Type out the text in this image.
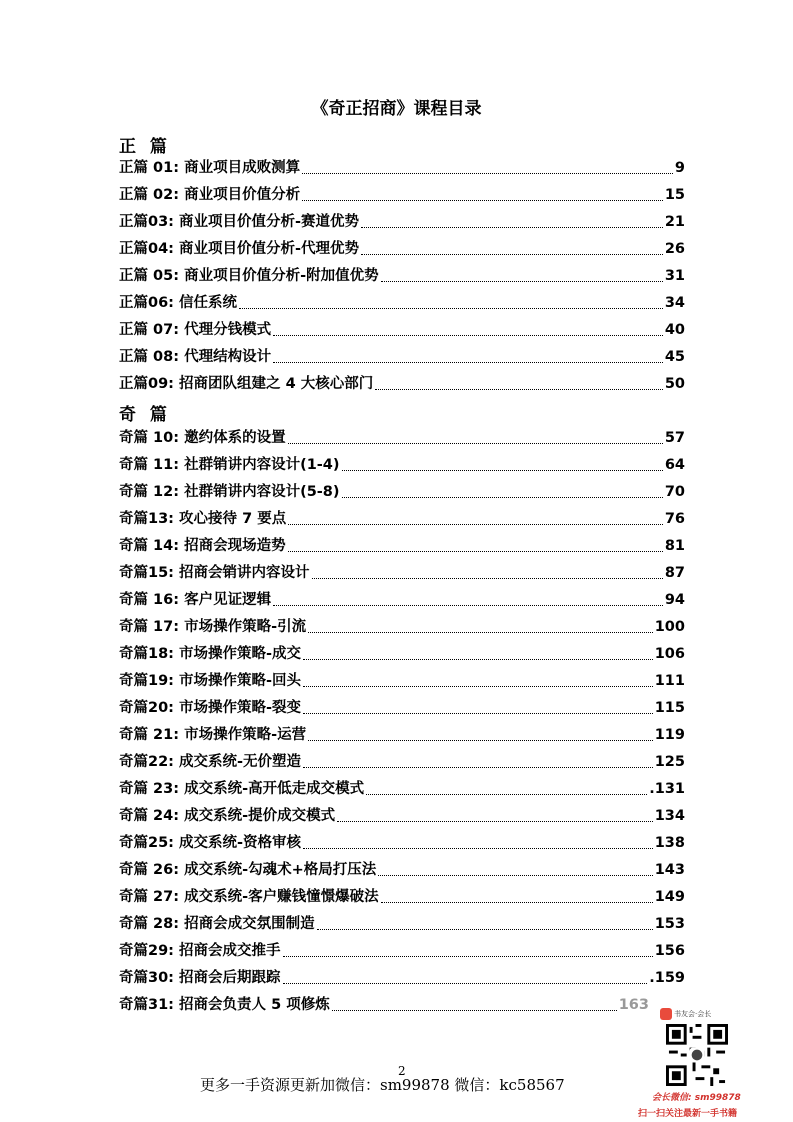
《奇正招商》课程目录
正 篇
正篇 01: 商业项目成败测算	9
正篇 02: 商业项目价值分析	15
正篇03: 商业项目价值分析-赛道优势	21
正篇04: 商业项目价值分析-代理优势	26
正篇 05: 商业项目价值分析-附加值优势	31
正篇06: 信任系统	34
正篇 07: 代理分钱模式	40
正篇 08: 代理结构设计	45
正篇09: 招商团队组建之 4 大核心部门	50
奇 篇
奇篇 10: 邀约体系的设置	57
奇篇 11: 社群销讲内容设计(1-4)	64
奇篇 12: 社群销讲内容设计(5-8)	70
奇篇13: 攻心接待 7 要点	76
奇篇 14: 招商会现场造势	81
奇篇15: 招商会销讲内容设计	87
奇篇 16: 客户见证逻辑	94
奇篇 17: 市场操作策略-引流	100
奇篇18: 市场操作策略-成交	106
奇篇19: 市场操作策略-回头	111
奇篇20: 市场操作策略-裂变	115
奇篇 21: 市场操作策略-运营	119
奇篇22: 成交系统-无价塑造	125
奇篇 23: 成交系统-高开低走成交模式	.131
奇篇 24: 成交系统-提价成交模式	134
奇篇25: 成交系统-资格审核	138
奇篇 26: 成交系统-勾魂术+格局打压法	143
奇篇 27: 成交系统-客户赚钱憧憬爆破法	149
奇篇 28: 招商会成交氛围制造	153
奇篇29: 招商会成交推手	156
奇篇30: 招商会后期跟踪	.159
奇篇31: 招商会负责人 5 项修炼	163
2
更多一手资源更新加微信：sm99878 微信：kc58567
书友会·会长
会长微信: sm99878
扫一扫关注最新一手书籍
